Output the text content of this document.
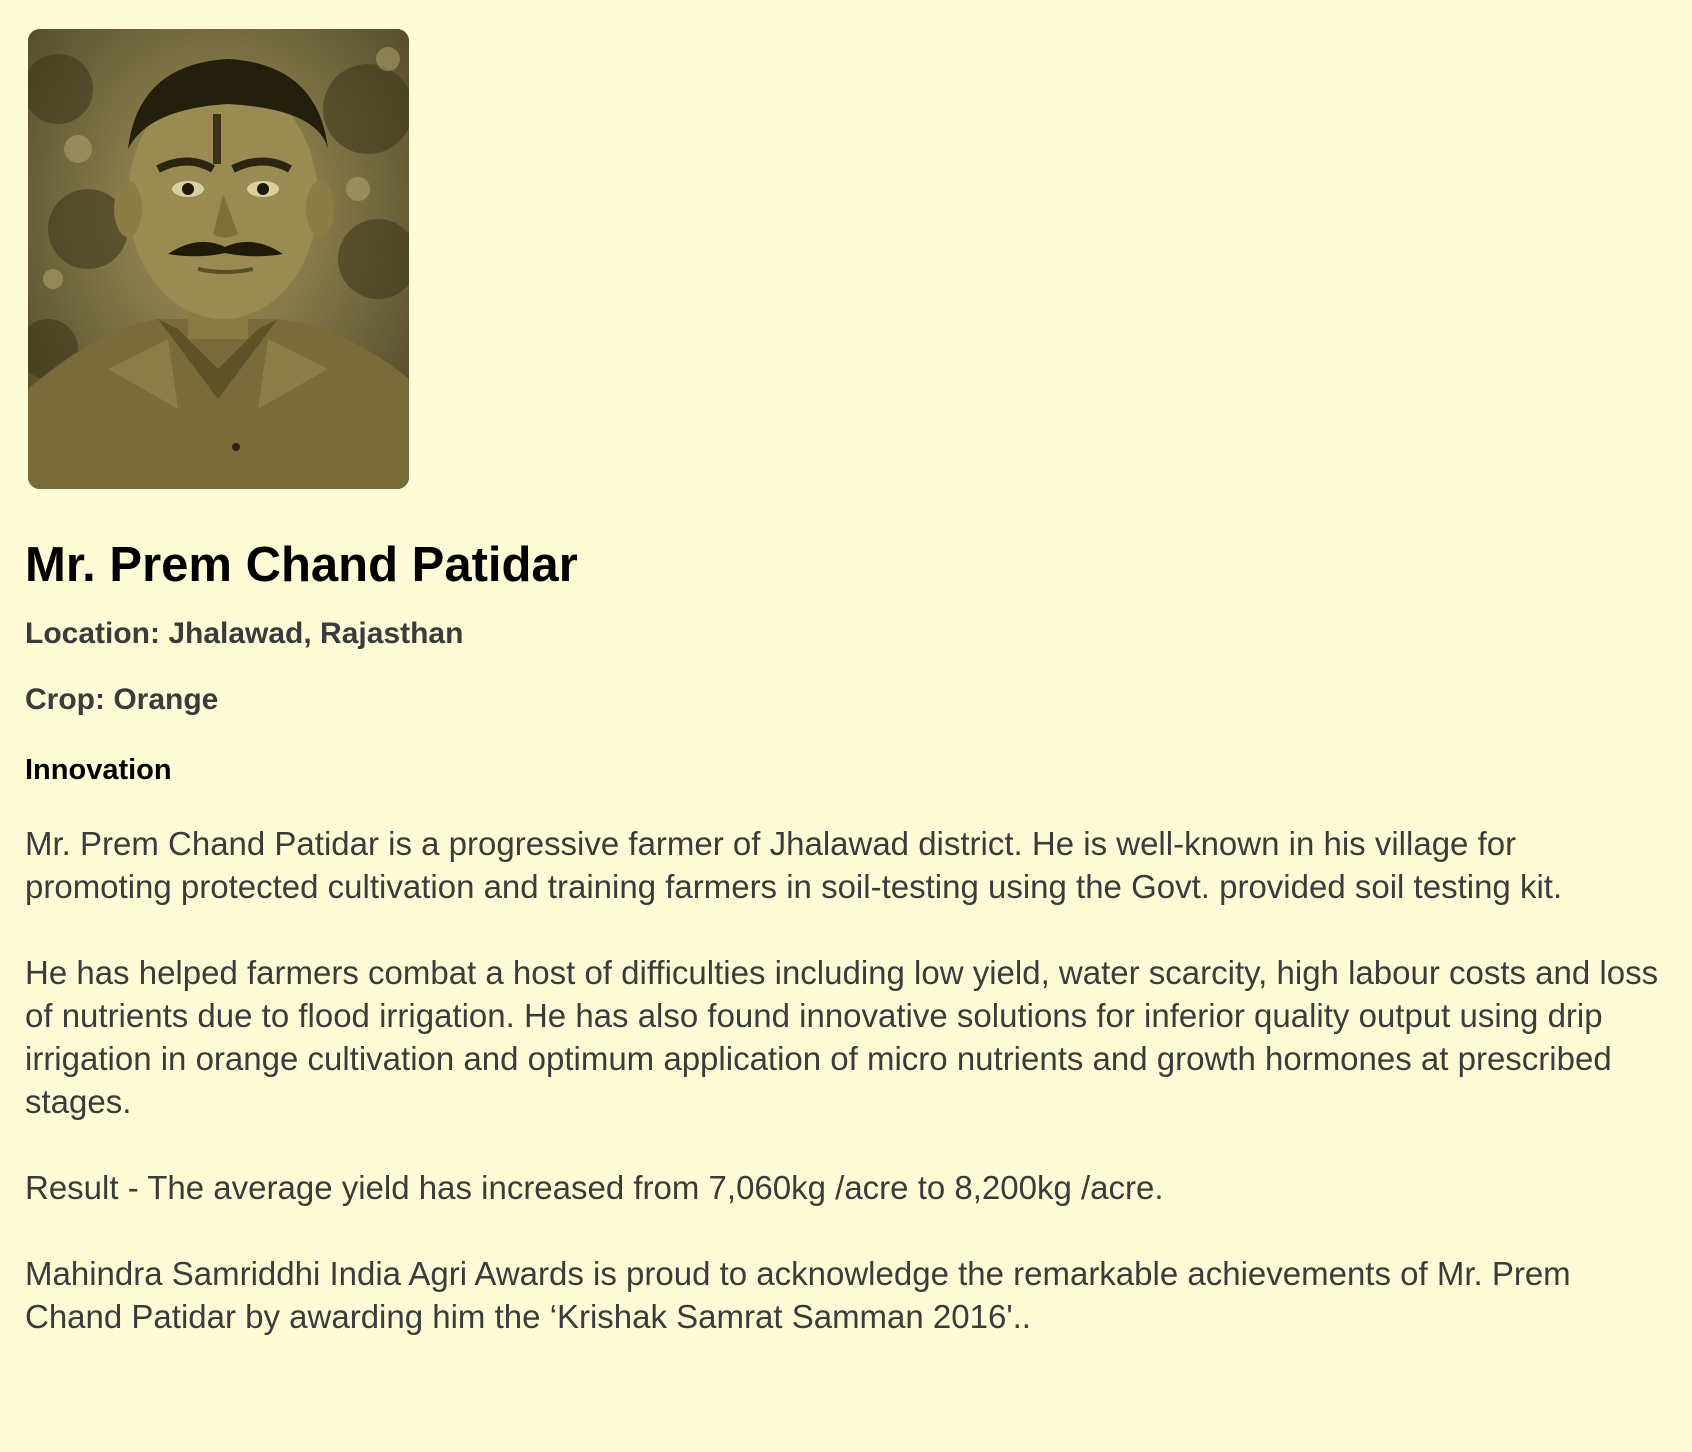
Mr. Prem Chand Patidar

Location: Jhalawad, Rajasthan

Crop: Orange

Innovation

Mr. Prem Chand Patidar is a progressive farmer of Jhalawad district. He is well-known in his village for promoting protected cultivation and training farmers in soil-testing using the Govt. provided soil testing kit.

He has helped farmers combat a host of difficulties including low yield, water scarcity, high labour costs and loss of nutrients due to flood irrigation. He has also found innovative solutions for inferior quality output using drip irrigation in orange cultivation and optimum application of micro nutrients and growth hormones at prescribed stages.

Result - The average yield has increased from 7,060kg /acre to 8,200kg /acre.

Mahindra Samriddhi India Agri Awards is proud to acknowledge the remarkable achievements of Mr. Prem Chand Patidar by awarding him the ‘Krishak Samrat Samman 2016'..
